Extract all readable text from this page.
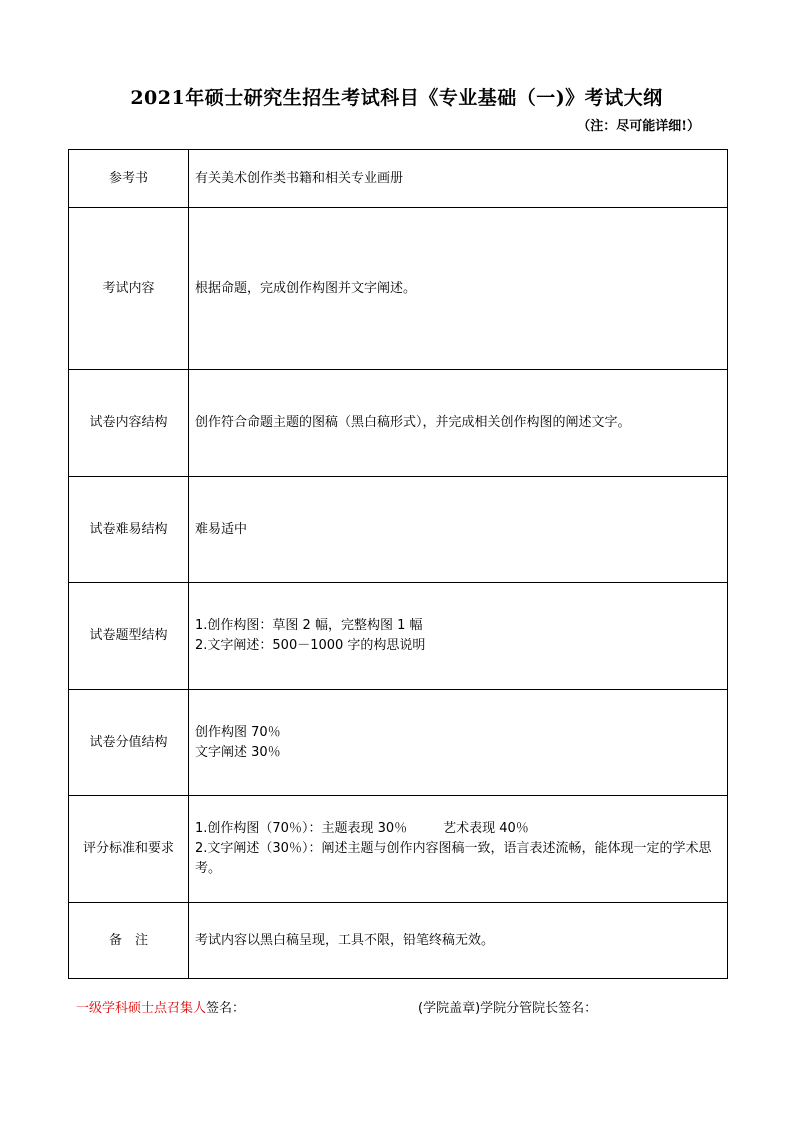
2021年硕士研究生招生考试科目《专业基础（一)》考试大纲
（注：尽可能详细!）
参考书	有关美术创作类书籍和相关专业画册

考试内容	根据命题，完成创作构图并文字阐述。

试卷内容结构	创作符合命题主题的图稿（黑白稿形式），并完成相关创作构图的阐述文字。

试卷难易结构	难易适中

试卷题型结构	1.创作构图：草图 2 幅，完整构图 1 幅
2.文字阐述：500－1000 字的构思说明

试卷分值结构	创作构图 70％
文字阐述 30％

评分标准和要求	1.创作构图（70％）：主题表现 30％ 艺术表现 40％
2.文字阐述（30％）：阐述主题与创作内容图稿一致，语言表述流畅，能体现一定的学术思考。

备　注	考试内容以黑白稿呈现，工具不限，铅笔终稿无效。
一级学科硕士点召集人签名：	(学院盖章)学院分管院长签名：
